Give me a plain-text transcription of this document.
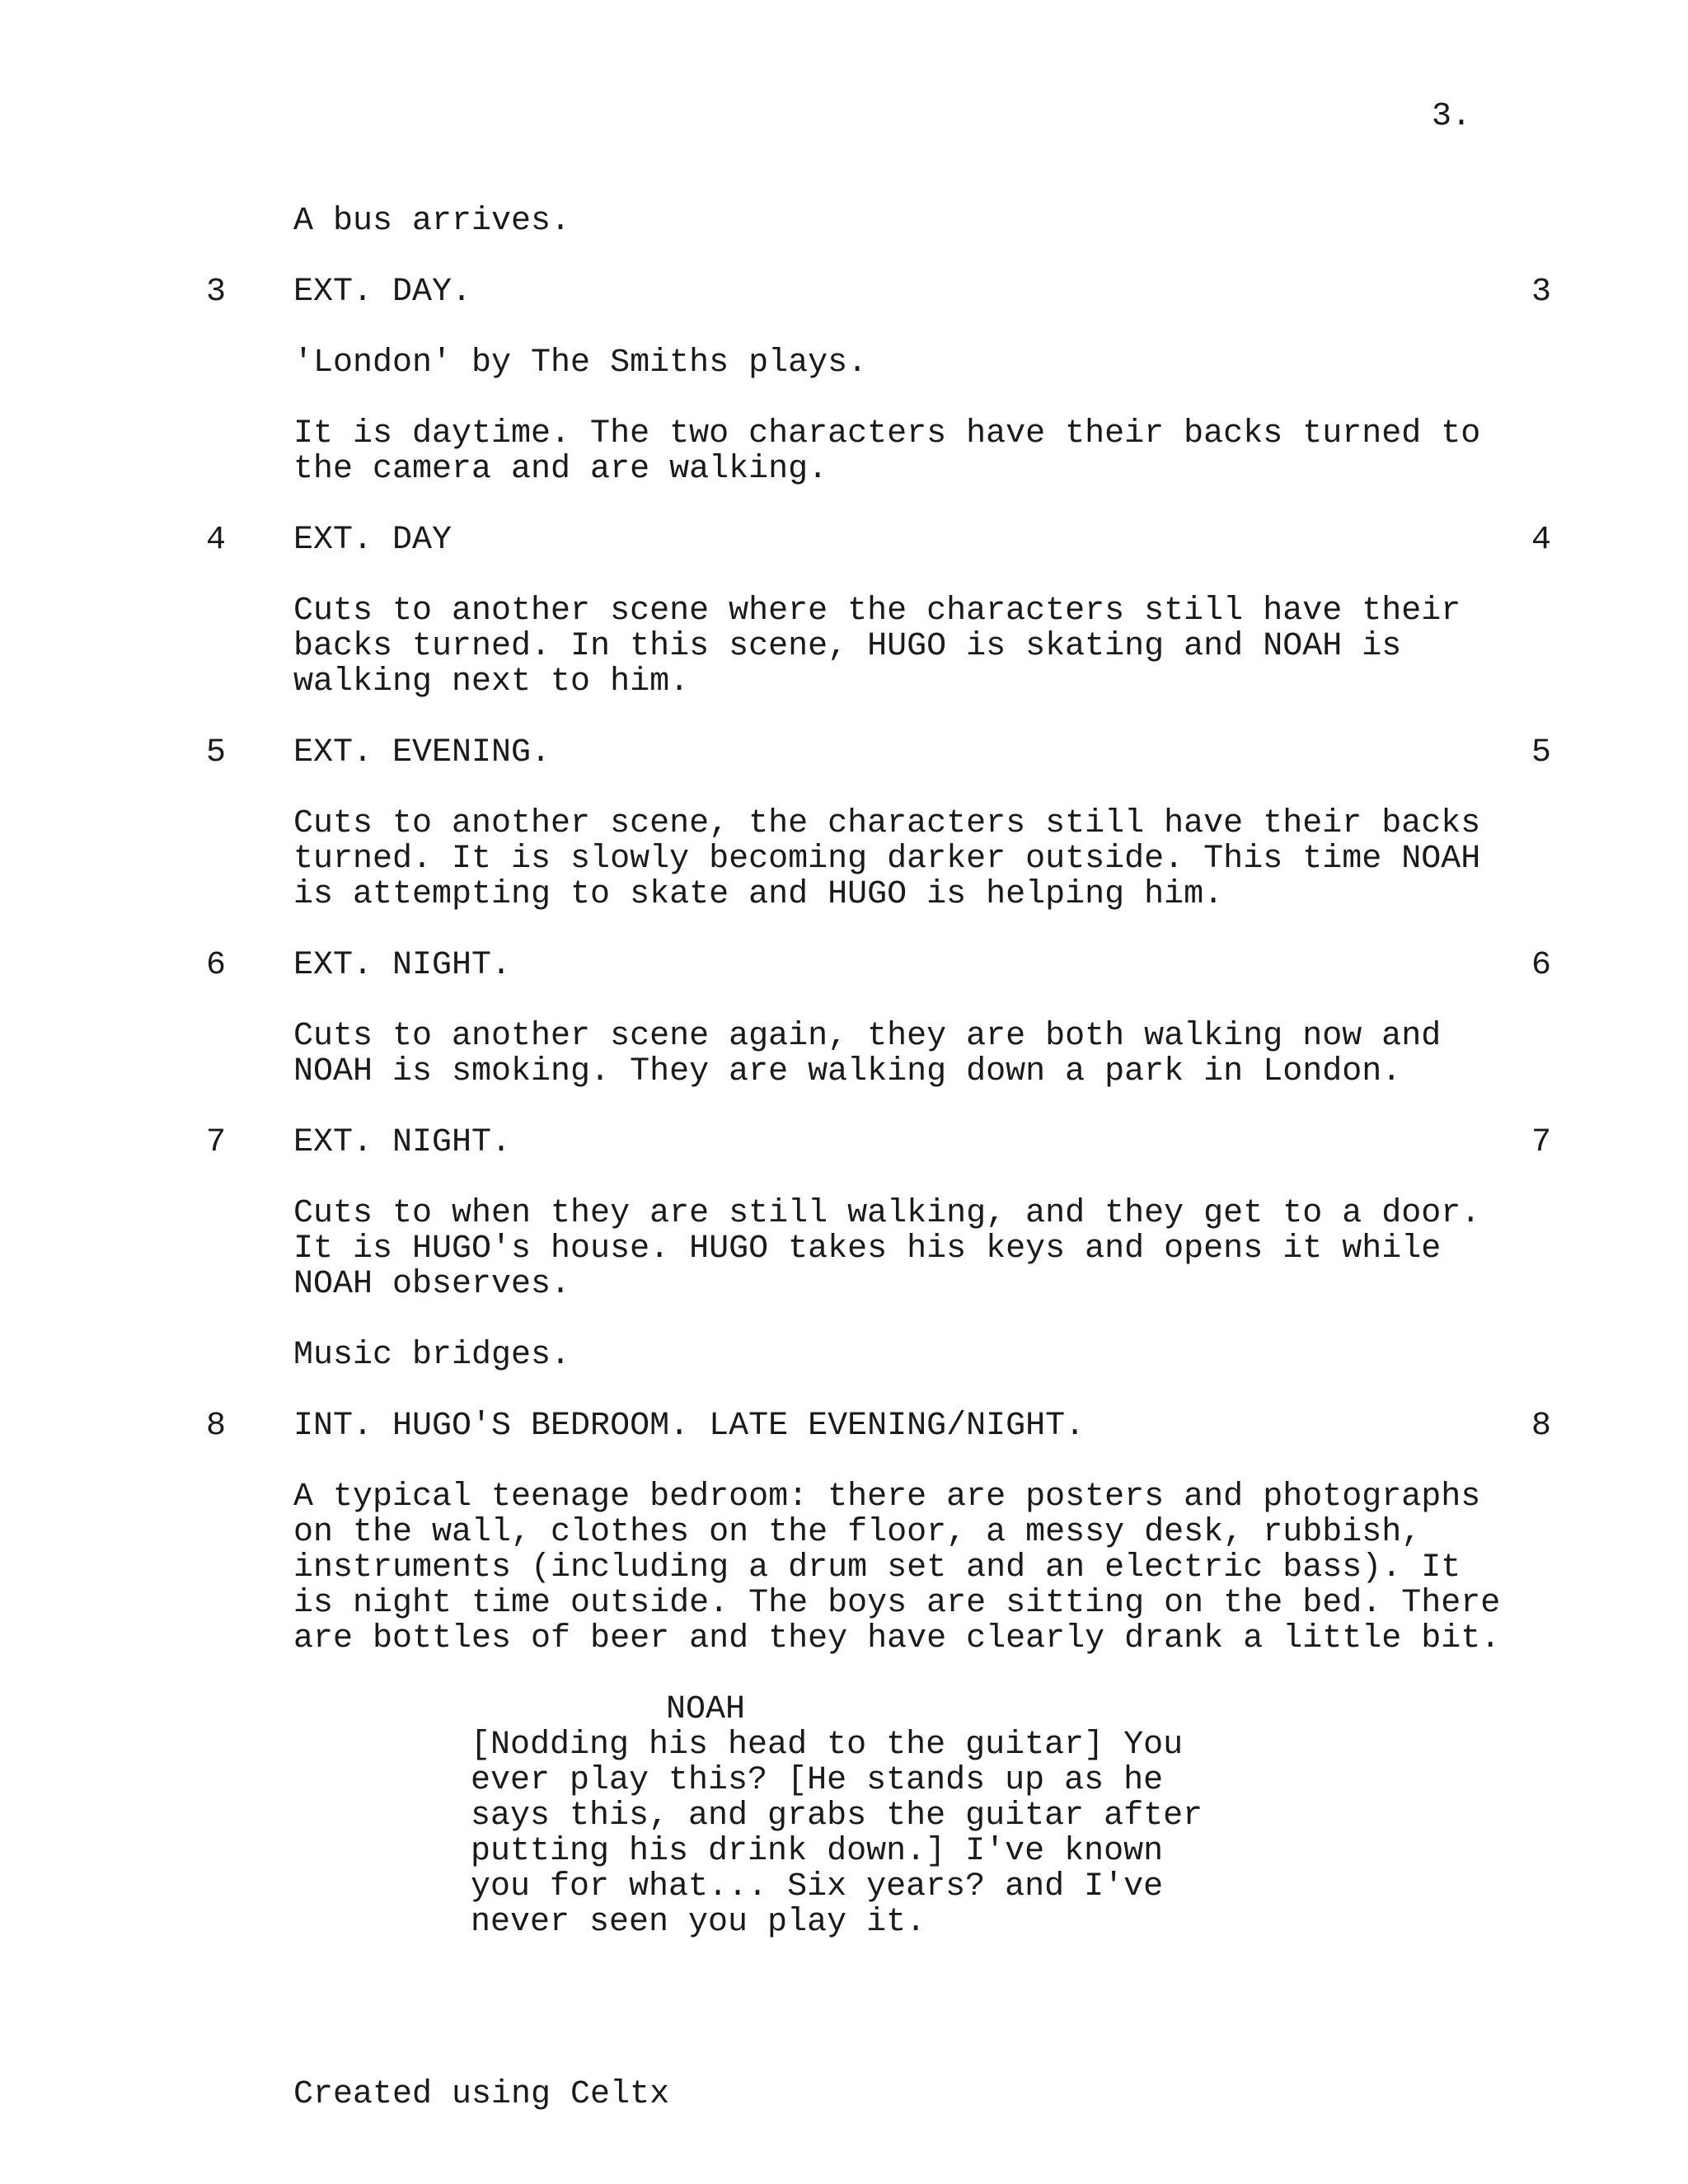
3.
A bus arrives.
3 EXT. DAY.	3
'London' by The Smiths plays.
It is daytime. The two characters have their backs turned to
the camera and are walking.
4 EXT. DAY	4
Cuts to another scene where the characters still have their
backs turned. In this scene, HUGO is skating and NOAH is
walking next to him.
5 EXT. EVENING.	5
Cuts to another scene, the characters still have their backs
turned. It is slowly becoming darker outside. This time NOAH
is attempting to skate and HUGO is helping him.
6 EXT. NIGHT.	6
Cuts to another scene again, they are both walking now and
NOAH is smoking. They are walking down a park in London.
7 EXT. NIGHT.	7
Cuts to when they are still walking, and they get to a door.
It is HUGO's house. HUGO takes his keys and opens it while
NOAH observes.
Music bridges.
8 INT. HUGO'S BEDROOM. LATE EVENING/NIGHT.	8
A typical teenage bedroom: there are posters and photographs
on the wall, clothes on the floor, a messy desk, rubbish,
instruments (including a drum set and an electric bass). It
is night time outside. The boys are sitting on the bed. There
are bottles of beer and they have clearly drank a little bit.
NOAH
[Nodding his head to the guitar] You
ever play this? [He stands up as he
says this, and grabs the guitar after
putting his drink down.] I've known
you for what... Six years? and I've
never seen you play it.
Created using Celtx
